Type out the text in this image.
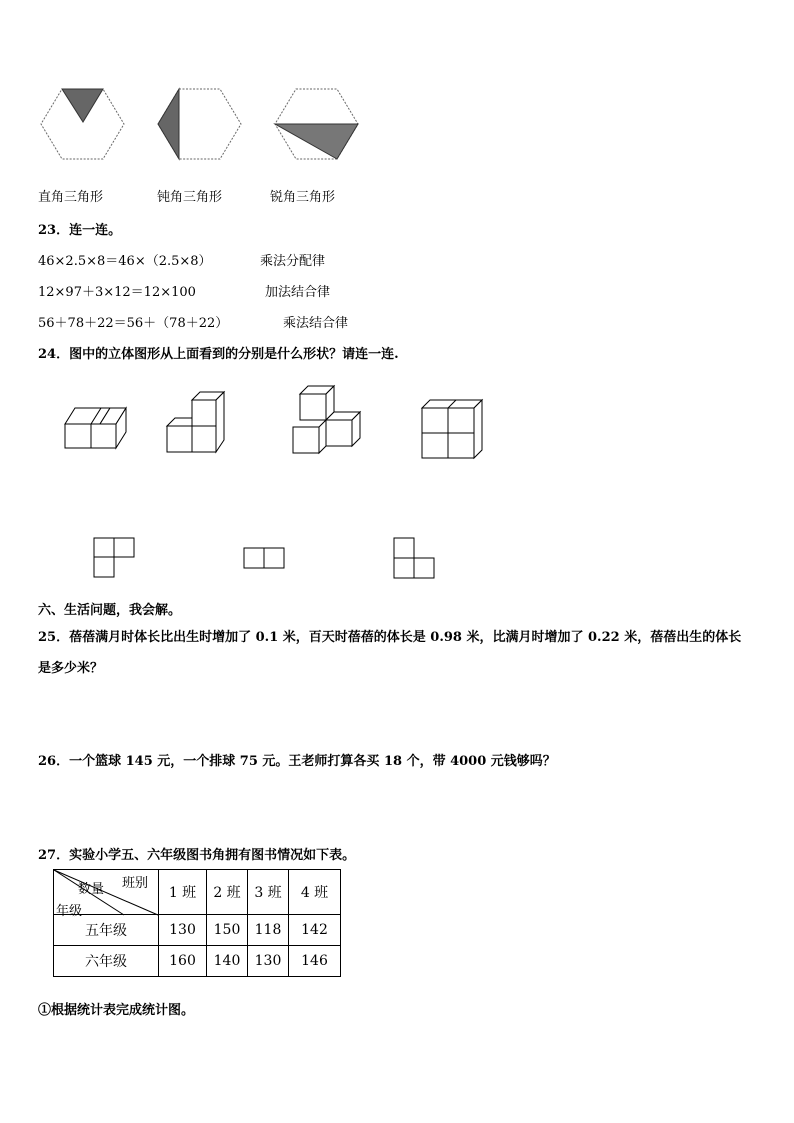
直角三角形	钝角三角形	锐角三角形
23．连一连。
46×2.5×8＝46×（2.5×8）	乘法分配律
12×97＋3×12＝12×100	加法结合律
56＋78＋22＝56＋（78＋22）	乘法结合律
24．图中的立体图形从上面看到的分别是什么形状？请连一连.
六、生活问题，我会解。
25．蓓蓓满月时体长比出生时增加了 0.1 米，百天时蓓蓓的体长是 0.98 米，比满月时增加了 0.22 米，蓓蓓出生的体长
是多少米？
26．一个篮球 145 元，一个排球 75 元。王老师打算各买 18 个，带 4000 元钱够吗？
27．实验小学五、六年级图书角拥有图书情况如下表。
班别
数量
年级	1 班	2 班	3 班	4 班
五年级	130	150	118	142
六年级	160	140	130	146
①根据统计表完成统计图。
